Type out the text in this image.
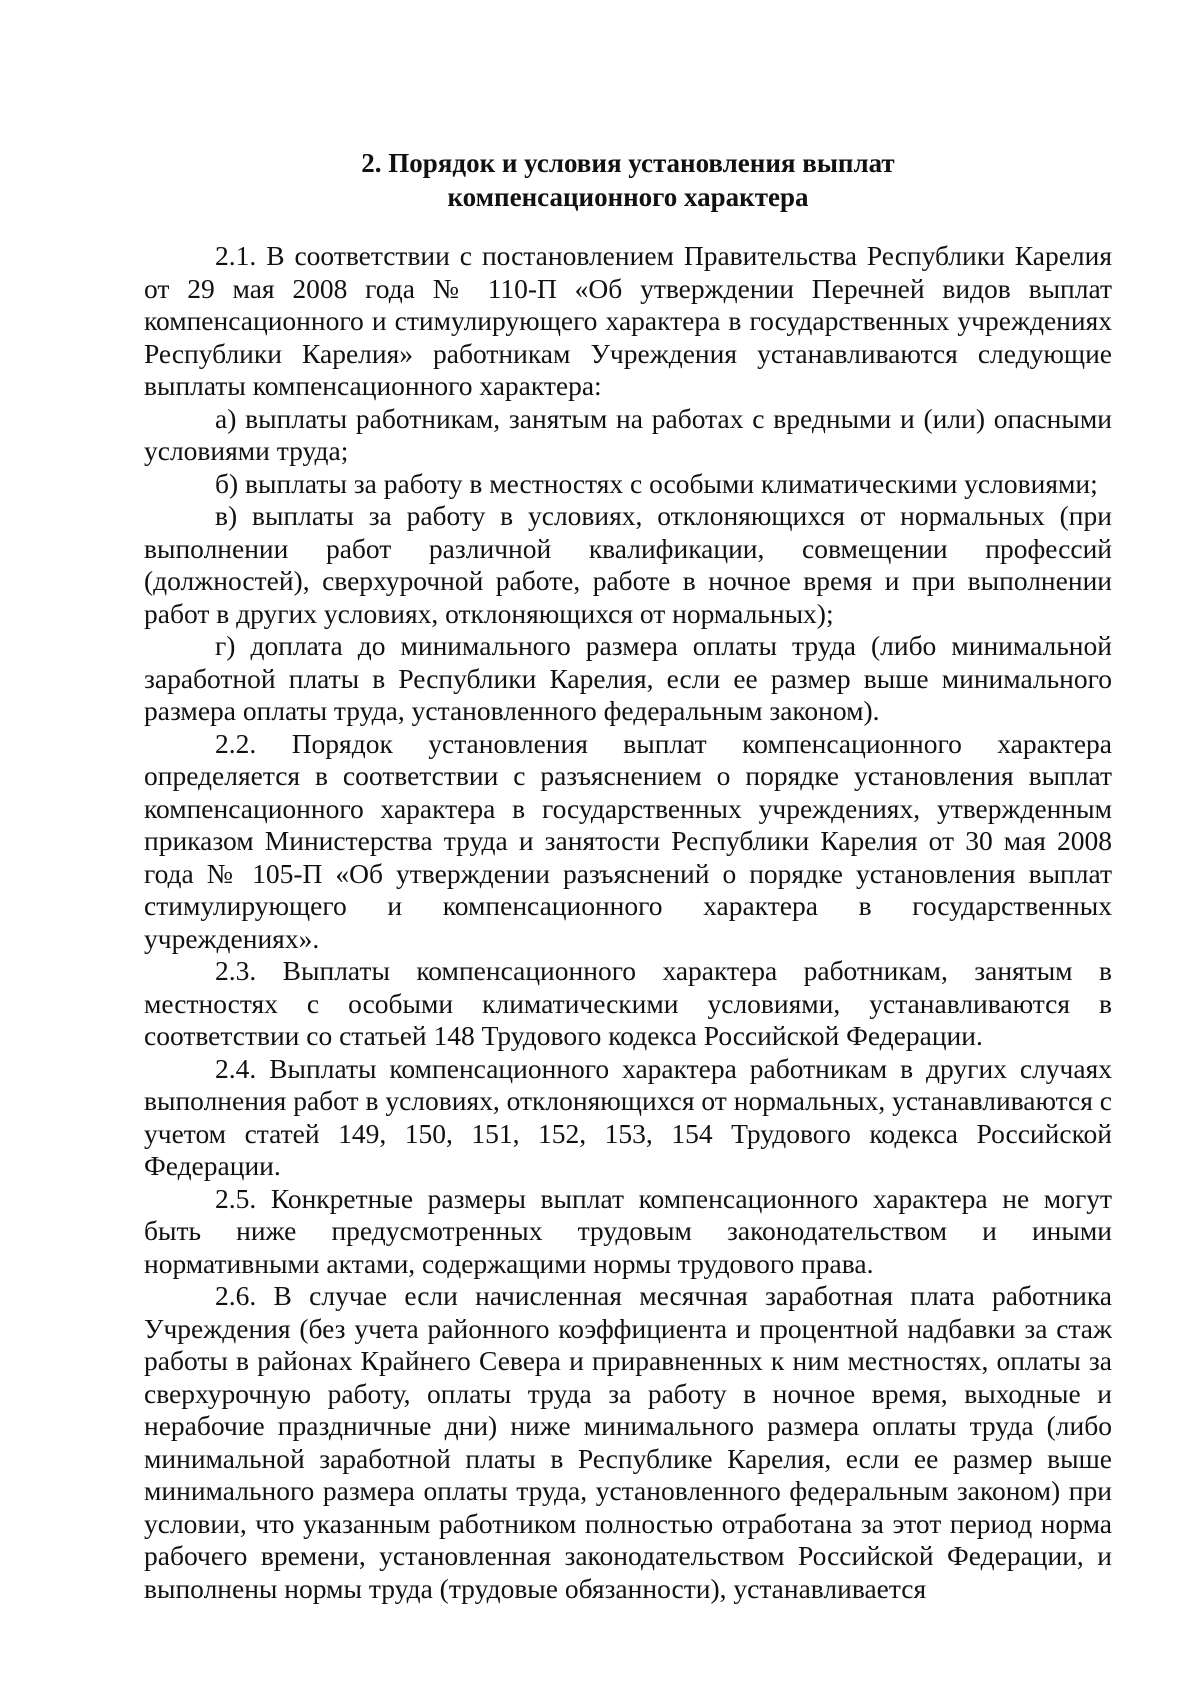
2. Порядок и условия установления выплат
компенсационного характера

2.1. В соответствии с постановлением Правительства Республики Карелия от 29 мая 2008 года № 110-П «Об утверждении Перечней видов выплат компенсационного и стимулирующего характера в государственных учреждениях Республики Карелия» работникам Учреждения устанавливаются следующие выплаты компенсационного характера:

а) выплаты работникам, занятым на работах с вредными и (или) опасными условиями труда;

б) выплаты за работу в местностях с особыми климатическими условиями;

в) выплаты за работу в условиях, отклоняющихся от нормальных (при выполнении работ различной квалификации, совмещении профессий (должностей), сверхурочной работе, работе в ночное время и при выполнении работ в других условиях, отклоняющихся от нормальных);

г) доплата до минимального размера оплаты труда (либо минимальной заработной платы в Республики Карелия, если ее размер выше минимального размера оплаты труда, установленного федеральным законом).

2.2. Порядок установления выплат компенсационного характера определяется в соответствии с разъяснением о порядке установления выплат компенсационного характера в государственных учреждениях, утвержденным приказом Министерства труда и занятости Республики Карелия от 30 мая 2008 года № 105-П «Об утверждении разъяснений о порядке установления выплат стимулирующего и компенсационного характера в государственных учреждениях».

2.3. Выплаты компенсационного характера работникам, занятым в местностях с особыми климатическими условиями, устанавливаются в соответствии со статьей 148 Трудового кодекса Российской Федерации.

2.4. Выплаты компенсационного характера работникам в других случаях выполнения работ в условиях, отклоняющихся от нормальных, устанавливаются с учетом статей 149, 150, 151, 152, 153, 154 Трудового кодекса Российской Федерации.

2.5. Конкретные размеры выплат компенсационного характера не могут быть ниже предусмотренных трудовым законодательством и иными нормативными актами, содержащими нормы трудового права.

2.6. В случае если начисленная месячная заработная плата работника Учреждения (без учета районного коэффициента и процентной надбавки за стаж работы в районах Крайнего Севера и приравненных к ним местностях, оплаты за сверхурочную работу, оплаты труда за работу в ночное время, выходные и нерабочие праздничные дни) ниже минимального размера оплаты труда (либо минимальной заработной платы в Республике Карелия, если ее размер выше минимального размера оплаты труда, установленного федеральным законом) при условии, что указанным работником полностью отработана за этот период норма рабочего времени, установленная законодательством Российской Федерации, и выполнены нормы труда (трудовые обязанности), устанавливается
